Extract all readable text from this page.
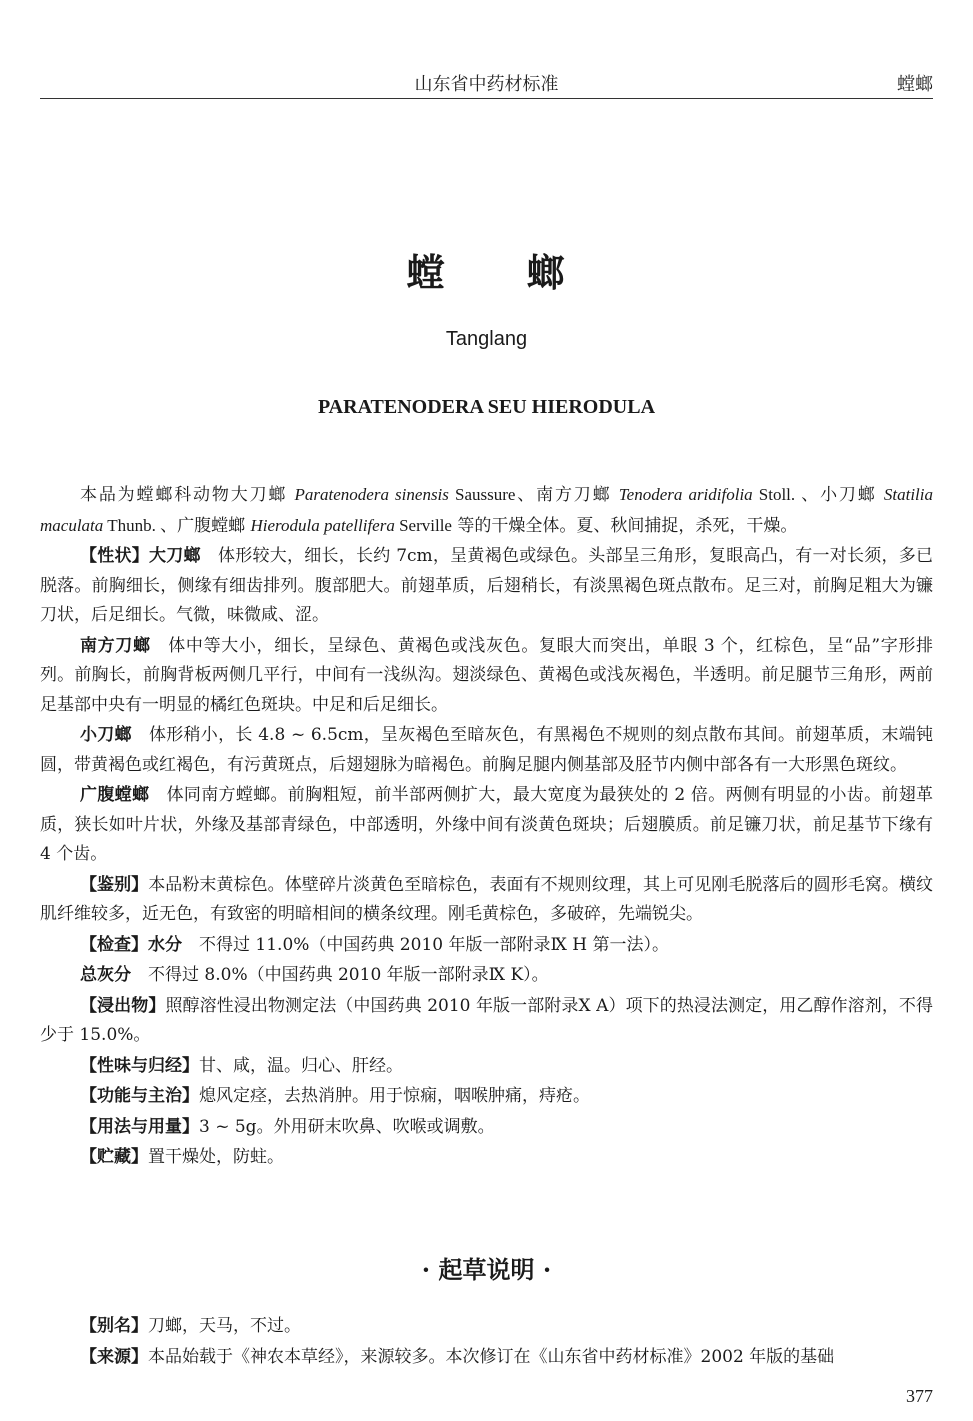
山东省中药材标准	螳螂
螳 螂
Tanglang
PARATENODERA SEU HIERODULA

本品为螳螂科动物大刀螂 Paratenodera sinensis Saussure、南方刀螂 Tenodera aridifolia Stoll. 、小刀螂 Statilia maculata Thunb. 、广腹螳螂 Hierodula patellifera Serville 等的干燥全体。夏、秋间捕捉，杀死，干燥。

【性状】大刀螂　体形较大，细长，长约 7cm，呈黄褐色或绿色。头部呈三角形，复眼高凸，有一对长须，多已脱落。前胸细长，侧缘有细齿排列。腹部肥大。前翅革质，后翅稍长，有淡黑褐色斑点散布。足三对，前胸足粗大为镰刀状，后足细长。气微，味微咸、涩。

南方刀螂　体中等大小，细长，呈绿色、黄褐色或浅灰色。复眼大而突出，单眼 3 个，红棕色，呈“品”字形排列。前胸长，前胸背板两侧几平行，中间有一浅纵沟。翅淡绿色、黄褐色或浅灰褐色，半透明。前足腿节三角形，两前足基部中央有一明显的橘红色斑块。中足和后足细长。

小刀螂　体形稍小，长 4.8 ~ 6.5cm，呈灰褐色至暗灰色，有黑褐色不规则的刻点散布其间。前翅革质，末端钝圆，带黄褐色或红褐色，有污黄斑点，后翅翅脉为暗褐色。前胸足腿内侧基部及胫节内侧中部各有一大形黑色斑纹。

广腹螳螂　体同南方螳螂。前胸粗短，前半部两侧扩大，最大宽度为最狭处的 2 倍。两侧有明显的小齿。前翅革质，狭长如叶片状，外缘及基部青绿色，中部透明，外缘中间有淡黄色斑块；后翅膜质。前足镰刀状，前足基节下缘有 4 个齿。

【鉴别】本品粉末黄棕色。体壁碎片淡黄色至暗棕色，表面有不规则纹理，其上可见刚毛脱落后的圆形毛窝。横纹肌纤维较多，近无色，有致密的明暗相间的横条纹理。刚毛黄棕色，多破碎，先端锐尖。

【检查】水分　不得过 11.0%（中国药典 2010 年版一部附录Ⅸ H 第一法）。

总灰分　不得过 8.0%（中国药典 2010 年版一部附录Ⅸ K）。

【浸出物】照醇溶性浸出物测定法（中国药典 2010 年版一部附录Ⅹ A）项下的热浸法测定，用乙醇作溶剂，不得少于 15.0%。

【性味与归经】甘、咸，温。归心、肝经。

【功能与主治】熄风定痉，去热消肿。用于惊痫，咽喉肿痛，痔疮。

【用法与用量】3 ~ 5g。外用研末吹鼻、吹喉或调敷。

【贮藏】置干燥处，防蛀。

· 起草说明 ·

【别名】刀螂，天马，不过。

【来源】本品始载于《神农本草经》，来源较多。本次修订在《山东省中药材标准》2002 年版的基础

377
